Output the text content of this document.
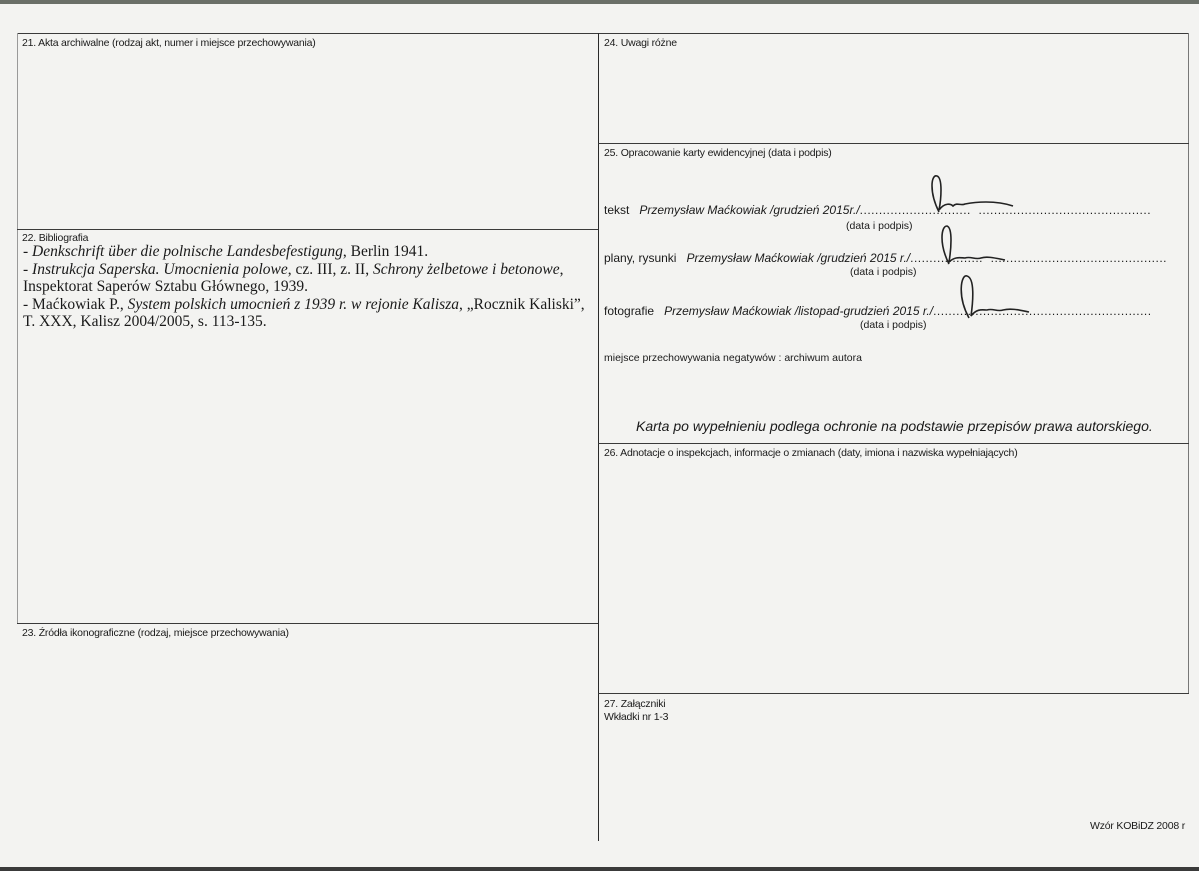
21. Akta archiwalne (rodzaj akt, numer i miejsce przechowywania)
22. Bibliografia
- Denkschrift über die polnische Landesbefestigung, Berlin 1941.
- Instrukcja Saperska. Umocnienia polowe, cz. III, z. II, Schrony żelbetowe i betonowe, Inspektorat Saperów Sztabu Głównego, 1939.
- Maćkowiak P., System polskich umocnień z 1939 r. w rejonie Kalisza, „Rocznik Kaliski”, T. XXX, Kalisz 2004/2005, s. 113-135.
23. Źródła ikonograficzne (rodzaj, miejsce przechowywania)
24. Uwagi różne
25. Opracowanie karty ewidencyjnej (data i podpis)
tekst Przemysław Maćkowiak /grudzień 2015r./.............................  .............................................
(data i podpis)
plany, rysunki Przemysław Maćkowiak /grudzień 2015 r./...................  ..............................................
(data i podpis)
fotografie Przemysław Maćkowiak /listopad-grudzień 2015 r./.........................................................
(data i podpis)
miejsce przechowywania negatywów : archiwum autora
Karta po wypełnieniu podlega ochronie na podstawie przepisów prawa autorskiego.
26. Adnotacje o inspekcjach, informacje o zmianach (daty, imiona i nazwiska wypełniających)
27. Załączniki
Wkładki nr 1-3
Wzór KOBiDZ 2008 r
